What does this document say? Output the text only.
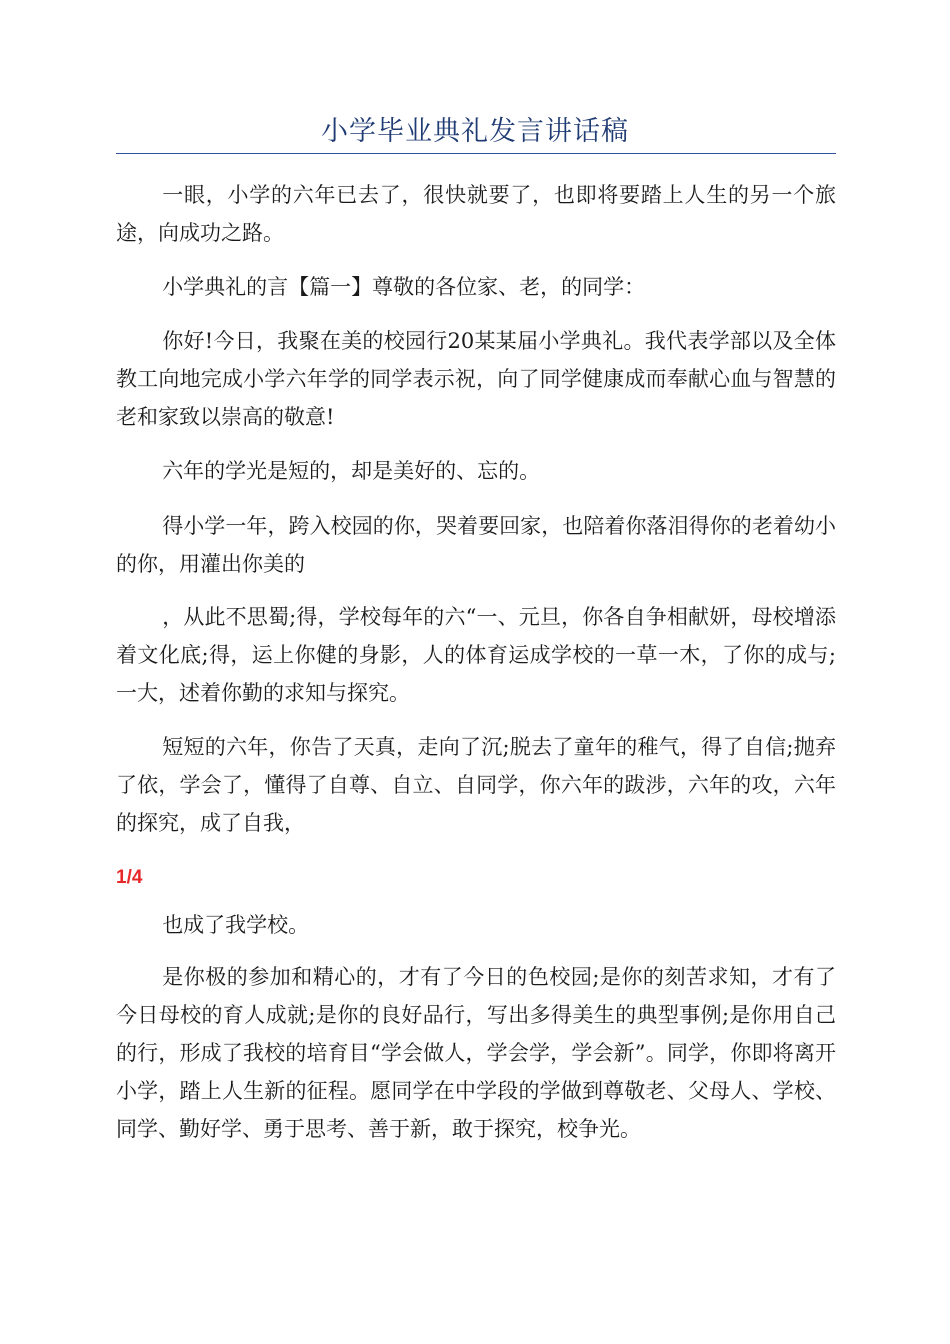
小学毕业典礼发言讲话稿

一眼，小学的六年已去了，很快就要了，也即将要踏上人生的另一个旅途，向成功之路。

小学典礼的言【篇一】尊敬的各位家、老，的同学：

你好!今日，我聚在美的校园行20某某届小学典礼。我代表学部以及全体教工向地完成小学六年学的同学表示祝，向了同学健康成而奉献心血与智慧的老和家致以崇高的敬意!

六年的学光是短的，却是美好的、忘的。

得小学一年，跨入校园的你，哭着要回家，也陪着你落泪得你的老着幼小的你，用灌出你美的

，从此不思蜀;得，学校每年的六“一、元旦，你各自争相献妍，母校增添着文化底;得，运上你健的身影，人的体育运成学校的一草一木，了你的成与;一大，述着你勤的求知与探究。

短短的六年，你告了天真，走向了沉;脱去了童年的稚气，得了自信;抛弃了依，学会了，懂得了自尊、自立、自同学，你六年的跋涉，六年的攻，六年的探究，成了自我，

1/4

也成了我学校。

是你极的参加和精心的，才有了今日的色校园;是你的刻苦求知，才有了今日母校的育人成就;是你的良好品行，写出多得美生的典型事例;是你用自己的行，形成了我校的培育目“学会做人，学会学，学会新”。同学，你即将离开小学，踏上人生新的征程。愿同学在中学段的学做到尊敬老、父母人、学校、同学、勤好学、勇于思考、善于新，敢于探究，校争光。
